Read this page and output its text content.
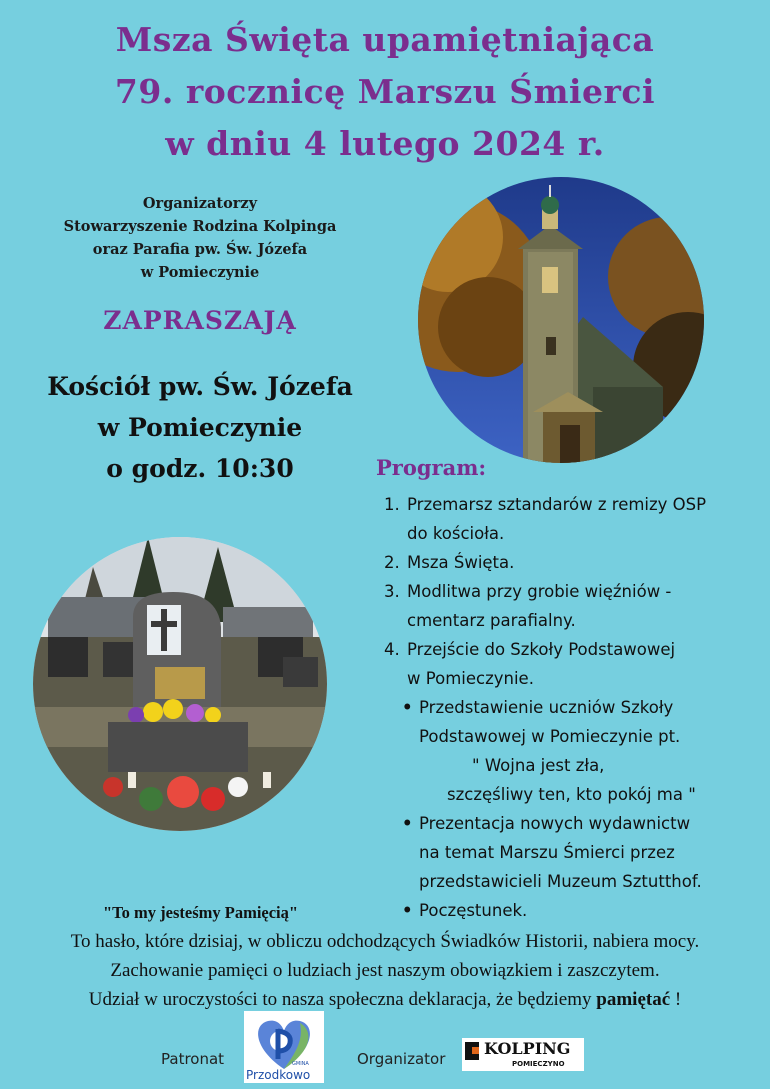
Msza Święta upamiętniająca
79. rocznicę Marszu Śmierci
w dniu 4 lutego 2024 r.
Organizatorzy
Stowarzyszenie Rodzina Kolpinga
oraz Parafia pw. Św. Józefa
w Pomieczynie
ZAPRASZAJĄ
Kościół pw. Św. Józefa
w Pomieczynie
o godz. 10:30	Program:
1. Przemarsz sztandarów z remizy OSP
do kościoła.
2. Msza Święta.
3. Modlitwa przy grobie więźniów -
cmentarz parafialny.
4. Przejście do Szkoły Podstawowej
w Pomieczynie.
• Przedstawienie uczniów Szkoły
Podstawowej w Pomieczynie pt.
" Wojna jest zła,
szczęśliwy ten, kto pokój ma "
• Prezentacja nowych wydawnictw
na temat Marszu Śmierci przez
przedstawicieli Muzeum Sztutthof.
• Poczęstunek.
"To my jesteśmy Pamięcią"
To hasło, które dzisiaj, w obliczu odchodzących Świadków Historii, nabiera mocy.
Zachowanie pamięci o ludziach jest naszym obowiązkiem i zaszczytem.
Udział w uroczystości to nasza społeczna deklaracja, że będziemy pamiętać !
Patronat	GMINA
Przodkowo
Organizator
KOLPING
POMIECZYNO
